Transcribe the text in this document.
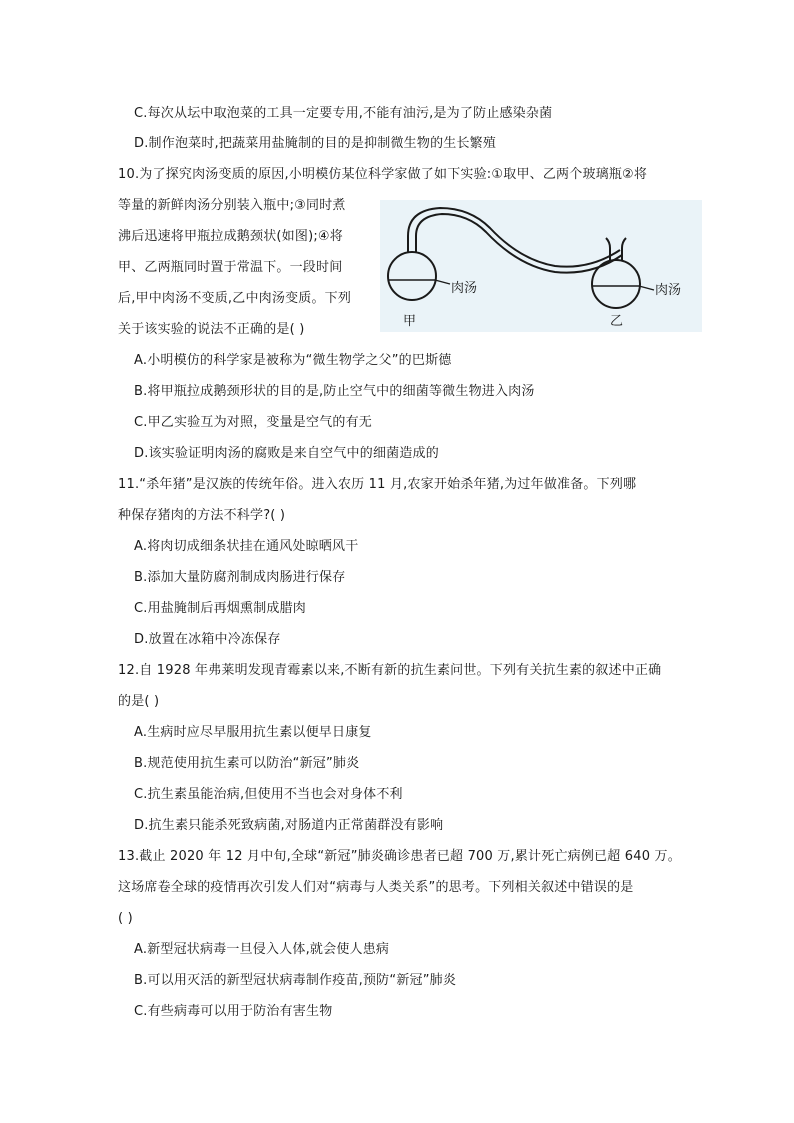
C.每次从坛中取泡菜的工具一定要专用,不能有油污,是为了防止感染杂菌
D.制作泡菜时,把蔬菜用盐腌制的目的是抑制微生物的生长繁殖
10.为了探究肉汤变质的原因,小明模仿某位科学家做了如下实验:①取甲、乙两个玻璃瓶②将
等量的新鲜肉汤分别装入瓶中;③同时煮
沸后迅速将甲瓶拉成鹅颈状(如图);④将
甲、乙两瓶同时置于常温下。一段时间
后,甲中肉汤不变质,乙中肉汤变质。下列
关于该实验的说法不正确的是( )
肉汤
甲
肉汤
乙
A.小明模仿的科学家是被称为“微生物学之父”的巴斯德
B.将甲瓶拉成鹅颈形状的目的是,防止空气中的细菌等微生物进入肉汤
C.甲乙实验互为对照，变量是空气的有无
D.该实验证明肉汤的腐败是来自空气中的细菌造成的
11.“杀年猪”是汉族的传统年俗。进入农历 11 月,农家开始杀年猪,为过年做准备。下列哪
种保存猪肉的方法不科学?( )
A.将肉切成细条状挂在通风处晾晒风干
B.添加大量防腐剂制成肉肠进行保存
C.用盐腌制后再烟熏制成腊肉
D.放置在冰箱中冷冻保存
12.自 1928 年弗莱明发现青霉素以来,不断有新的抗生素问世。下列有关抗生素的叙述中正确
的是( )
A.生病时应尽早服用抗生素以便早日康复
B.规范使用抗生素可以防治“新冠”肺炎
C.抗生素虽能治病,但使用不当也会对身体不利
D.抗生素只能杀死致病菌,对肠道内正常菌群没有影响
13.截止 2020 年 12 月中旬,全球“新冠”肺炎确诊患者已超 700 万,累计死亡病例已超 640 万。
这场席卷全球的疫情再次引发人们对“病毒与人类关系”的思考。下列相关叙述中错误的是
( )
A.新型冠状病毒一旦侵入人体,就会使人患病
B.可以用灭活的新型冠状病毒制作疫苗,预防“新冠”肺炎
C.有些病毒可以用于防治有害生物
